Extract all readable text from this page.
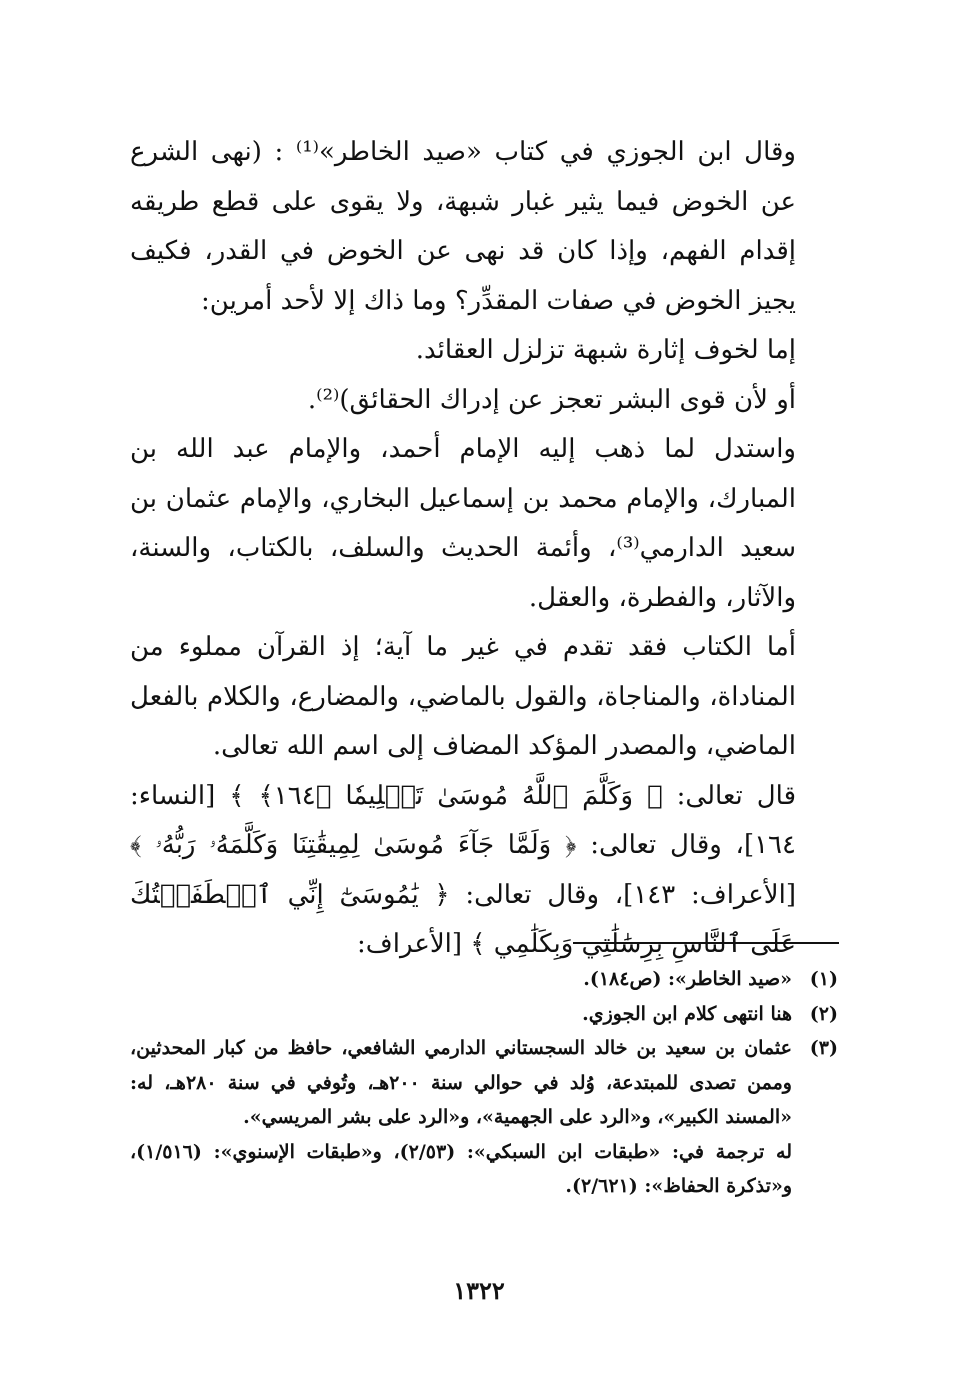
وقال ابن الجوزي في كتاب «صيد الخاطر»⁽¹⁾ : (نهى الشرع عن الخوض فيما يثير غبار شبهة، ولا يقوى على قطع طريقه إقدام الفهم، وإذا كان قد نهى عن الخوض في القدر، فكيف يجيز الخوض في صفات المقدِّر؟ وما ذاك إلا لأحد أمرين:

إما لخوف إثارة شبهة تزلزل العقائد.

أو لأن قوى البشر تعجز عن إدراك الحقائق)⁽²⁾.

واستدل لما ذهب إليه الإمام أحمد، والإمام عبد الله بن المبارك، والإمام محمد بن إسماعيل البخاري، والإمام عثمان بن سعيد الدارمي⁽³⁾، وأئمة الحديث والسلف، بالكتاب، والسنة، والآثار، والفطرة، والعقل.

أما الكتاب فقد تقدم في غير ما آية؛ إذ القرآن مملوء من المناداة، والمناجاة، والقول بالماضي، والمضارع، والكلام بالفعل الماضي، والمصدر المؤكد المضاف إلى اسم الله تعالى.

قال تعالى: ﴿ وَكَلَّمَ ٱللَّهُ مُوسَىٰ تَكۡلِيمٗا ﴿١٦٤﴾ ﴾ [النساء: ١٦٤]، وقال تعالى: ﴿ وَلَمَّا جَآءَ مُوسَىٰ لِمِيقَٰتِنَا وَكَلَّمَهُۥ رَبُّهُۥ ﴾ [الأعراف: ١٤٣]، وقال تعالى: ﴿ يَٰمُوسَىٰٓ إِنِّي ٱصۡطَفَيۡتُكَ عَلَى ٱلنَّاسِ بِرِسَٰلَٰتِي وَبِكَلَٰمِي ﴾ [الأعراف:

(١)
«صيد الخاطر»: (ص١٨٤).
(٢)
هنا انتهى كلام ابن الجوزي.
(٣)
عثمان بن سعيد بن خالد السجستاني الدارمي الشافعي، حافظ من كبار المحدثين، وممن تصدى للمبتدعة، وُلد في حوالي سنة ٢٠٠هـ، وتُوفي في سنة ٢٨٠هـ، له: «المسند الكبير»، و«الرد على الجهمية»، و«الرد على بشر المريسي».
له ترجمة في: «طبقات ابن السبكي»: (٢/٥٣)، و«طبقات الإسنوي»: (١/٥١٦)، و«تذكرة الحفاظ»: (٢/٦٢١).
١٣٢٢
